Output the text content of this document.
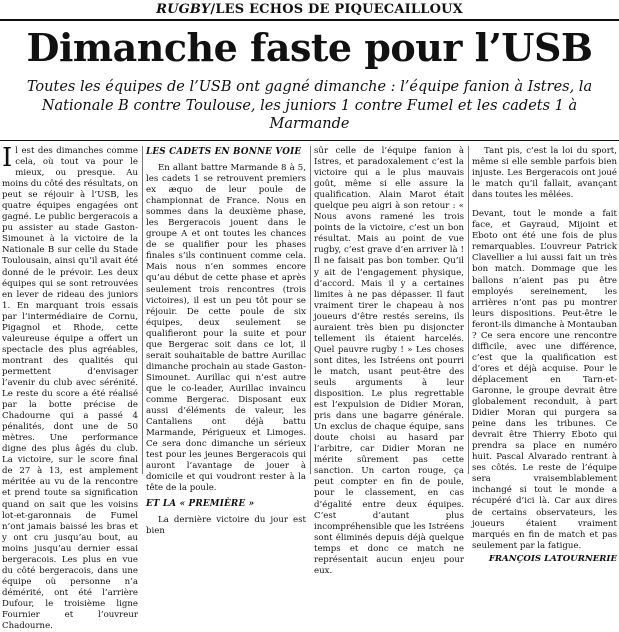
RUGBY/LES ECHOS DE PIQUECAILLOUX
Dimanche faste pour l’USB
Toutes les équipes de l’USB ont gagné dimanche : l’équipe fanion à Istres, la Nationale B contre Toulouse, les juniors 1 contre Fumel et les cadets 1 à Marmande

Il est des dimanches comme cela, où tout va pour le mieux, ou presque. Au moins du côté des résultats, on peut se réjouir à l’USB, les quatre équipes engagées ont gagné. Le public bergeracois a pu assister au stade Gaston-Simounet à la victoire de la Nationale B sur celle du Stade Toulousain, ainsi qu’il avait été donné de le prévoir. Les deux équipes qui se sont retrouvées en lever de rideau des juniors 1. En marquant trois essais par l’intermédiaire de Cornu, Pigagnol et Rhode, cette valeureuse équipe a offert un spectacle des plus agréables, montrant des qualités qui permettent d’envisager l’avenir du club avec sérénité. Le reste du score a été réalisé par la botte précise de Chadourne qui a passé 4 pénalités, dont une de 50 mètres. Une performance digne des plus âgés du club. La victoire, sur le score final de 27 à 13, est amplement méritée au vu de la rencontre et prend toute sa signification quand on sait que les voisins lot-et-garonnais de Fumel n’ont jamais baissé les bras et y ont cru jusqu’au bout, au moins jusqu’au dernier essai bergeracois. Les plus en vue du côté bergeracois, dans une équipe où personne n’a démérité, ont été l’arrière Dufour, le troisième ligne Fournier et l’ouvreur Chadourne.

LES CADETS EN BONNE VOIE

En allant battre Marmande 8 à 5, les cadets 1 se retrouvent premiers ex æquo de leur poule de championnat de France. Nous en sommes dans la deuxième phase, les Bergeracois jouent dans le groupe A et ont toutes les chances de se qualifier pour les phases finales s’ils continuent comme cela. Mais nous n’en sommes encore qu’au début de cette phase et après seulement trois rencontres (trois victoires), il est un peu tôt pour se réjouir. De cette poule de six équipes, deux seulement se qualifieront pour la suite et pour que Bergerac soit dans ce lot, il serait souhaitable de battre Aurillac dimanche prochain au stade Gaston-Simounet. Aurillac qui n’est autre que le co-leader, Aurillac invaincu comme Bergerac. Disposant eux aussi d’éléments de valeur, les Cantaliens ont déjà battu Marmande, Périgueux et Limoges. Ce sera donc dimanche un sérieux test pour les jeunes Bergeracois qui auront l’avantage de jouer à domicile et qui voudront rester à la tête de la poule.

ET LA « PREMIÈRE »

La dernière victoire du jour est bien

sûr celle de l’équipe fanion à Istres, et paradoxalement c’est la victoire qui a le plus mauvais goût, même si elle assure la qualification. Alain Marot était quelque peu aigri à son retour : « Nous avons ramené les trois points de la victoire, c’est un bon résultat. Mais au point de vue rugby, c’est grave d’en arriver là ! Il ne faisait pas bon tomber. Qu’il y ait de l’engagement physique, d’accord. Mais il y a certaines limites à ne pas dépasser. Il faut vraiment tirer le chapeau à nos joueurs d’être restés sereins, ils auraient très bien pu disjoncter tellement ils étaient harcelés. Quel pauvre rugby ! » Les choses sont dites, les Istréens ont pourri le match, usant peut-être des seuls arguments à leur disposition. Le plus regrettable est l’expulsion de Didier Moran, pris dans une bagarre générale. Un exclus de chaque équipe, sans doute choisi au hasard par l’arbitre, car Didier Moran ne mérite sûrement pas cette sanction. Un carton rouge, ça peut compter en fin de poule, pour le classement, en cas d’égalité entre deux équipes. C’est d’autant plus incompréhensible que les Istréens sont éliminés depuis déjà quelque temps et donc ce match ne représentait aucun enjeu pour eux.

Tant pis, c’est la loi du sport, même si elle semble parfois bien injuste. Les Bergeracois ont joué le match qu’il fallait, avançant dans toutes les mêlées.

Devant, tout le monde a fait face, et Gayraud, Mijoint et Eboto ont été une fois de plus remarquables. L’ouvreur Patrick Clavellier a lui aussi fait un très bon match. Dommage que les ballons n’aient pas pu être employés sereinement, les arrières n’ont pas pu montrer leurs dispositions. Peut-être le feront-ils dimanche à Montauban ? Ce sera encore une rencontre difficile, avec une différence, c’est que la qualification est d’ores et déjà acquise. Pour le déplacement en Tarn-et-Garonne, le groupe devrait être globalement reconduit, à part Didier Moran qui purgera sa peine dans les tribunes. Ce devrait être Thierry Eboto qui prendra sa place en numéro huit. Pascal Alvarado rentrant à ses côtés. Le reste de l’équipe sera vraisemblablement inchangé si tout le monde a récupéré d’ici là. Car aux dires de certains observateurs, les joueurs étaient vraiment marqués en fin de match et pas seulement par la fatigue.

FRANÇOIS LATOURNERIE
